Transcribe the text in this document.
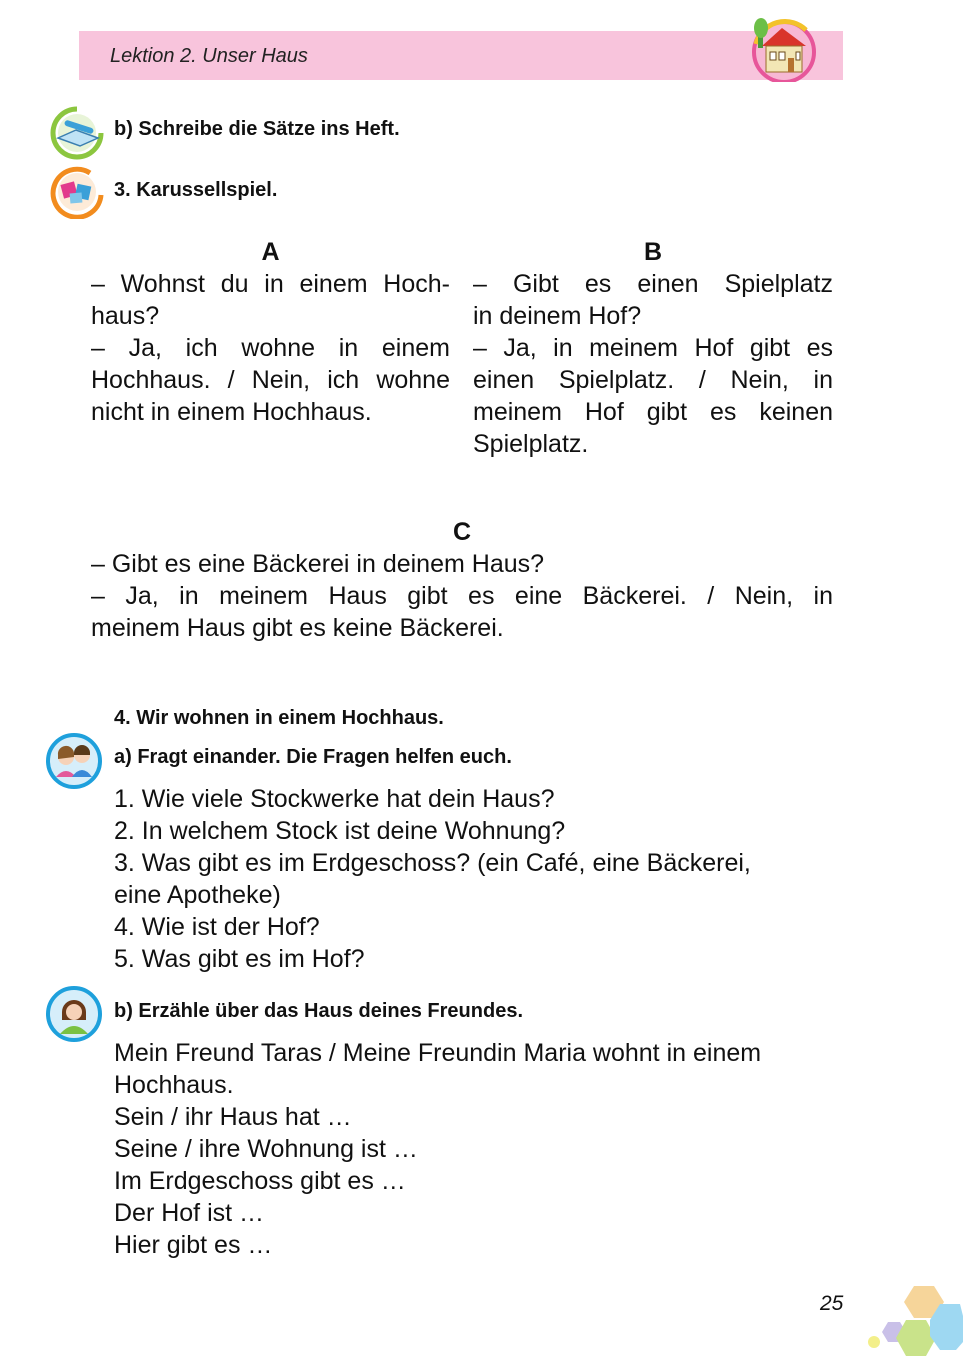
Lektion 2. Unser Haus
b) Schreibe die Sätze ins Heft.
3. Karussellspiel.
A
– Wohnst du in einem Hoch-
haus?
– Ja, ich wohne in einem
Hochhaus. / Nein, ich wohne
nicht in einem Hochhaus.
B
– Gibt es einen Spielplatz
in deinem Hof?
– Ja, in meinem Hof gibt es
einen Spielplatz. / Nein, in
meinem Hof gibt es keinen
Spielplatz.
C
– Gibt es eine Bäckerei in deinem Haus?
– Ja, in meinem Haus gibt es eine Bäckerei. / Nein, in
meinem Haus gibt es keine Bäckerei.
4. Wir wohnen in einem Hochhaus.
a) Fragt einander. Die Fragen helfen euch.
1. Wie viele Stockwerke hat dein Haus?
2. In welchem Stock ist deine Wohnung?
3. Was gibt es im Erdgeschoss? (ein Café, eine Bäckerei,
eine Apotheke)
4. Wie ist der Hof?
5. Was gibt es im Hof?
b) Erzähle über das Haus deines Freundes.
Mein Freund Taras / Meine Freundin Maria wohnt in einem
Hochhaus.
Sein / ihr Haus hat …
Seine / ihre Wohnung ist …
Im Erdgeschoss gibt es …
Der Hof ist …
Hier gibt es …
25
